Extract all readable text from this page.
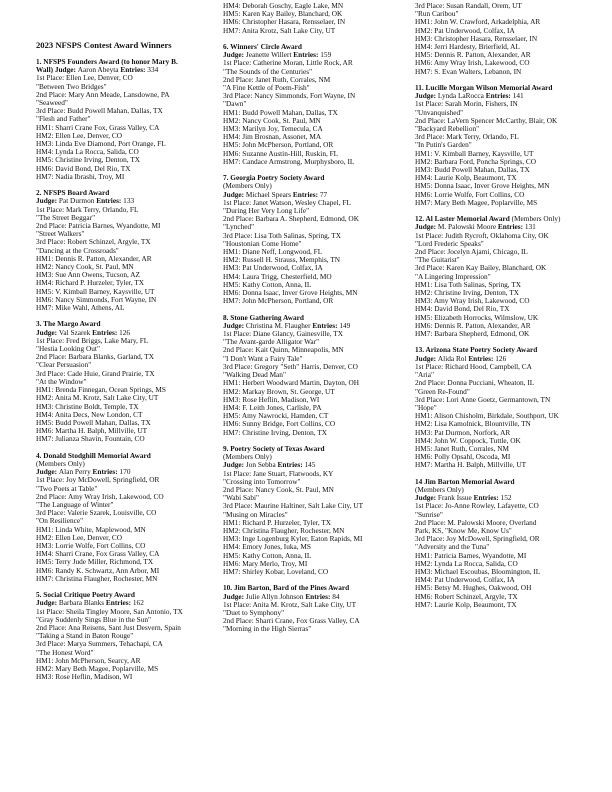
2023 NFSPS Contest Award Winners
1. NFSPS Founders Award (to honor Mary B.
Wall) Judge: Aaron Abeyta Entries: 334
1st Place: Ellen Lee, Denver, CO
"Between Two Bridges"
2nd Place: Mary Ann Meade, Lansdowne, PA
"Seaweed"
3rd Place: Budd Powell Mahan, Dallas, TX
"Flesh and Father"
HM1: Sharri Crane Fox, Grass Valley, CA
HM2: Ellen Lee, Denver, CO
HM3: Linda Eve Diamond, Port Orange, FL
HM4: Lynda La Rocca, Salida, CO
HM5: Christine Irving, Denton, TX
HM6: David Bond, Del Rio, TX
HM7: Nadia Ibrashi, Troy, MI
2. NFSPS Board Award
Judge: Pat Durmon Entries: 133
1st Place: Mark Terry, Orlando, FL
"The Street Beggar"
2nd Place: Patricia Barnes, Wyandotte, MI
"Street Walkers"
3rd Place: Robert Schinzel, Argyle, TX
"Dancing at the Crossroads"
HM1: Dennis R. Patton, Alexander, AR
HM2: Nancy Cook, St. Paul, MN
HM3: Sue Ann Owens, Tucson, AZ
HM4: Richard P. Hurzeler, Tyler, TX
HM5: V. Kimball Barney, Kaysville, UT
HM6: Nancy Simmonds, Fort Wayne, IN
HM7: Mike Wahl, Athens, AL
3. The Margo Award
Judge: Val Szarek Entries: 126
1st Place: Fred Briggs, Lake Mary, FL
"Hestia Looking Out"
2nd Place: Barbara Blanks, Garland, TX
"Clear Persuasion"
3rd Place: Cade Huie, Grand Prairie, TX
"At the Window"
HM1: Brenda Finnegan, Ocean Springs, MS
HM2: Anita M. Krotz, Salt Lake City, UT
HM3: Christine Boldt, Temple, TX
HM4: Anita Decs, New London, CT
HM5: Budd Powell Mahan, Dallas, TX
HM6: Martha H. Balph, Millville, UT
HM7: Julianza Shavin, Fountain, CO
4. Donald Stodghill Memorial Award
(Members Only)
Judge: Alan Perry Entries: 170
1st Place: Joy McDowell, Springfield, OR
"Two Poets at Table"
2nd Place: Amy Wray Irish, Lakewood, CO
"The Language of Winter"
3rd Place: Valerie Szarek, Louisville, CO
"On Resilience"
HM1: Linda White, Maplewood, MN
HM2: Ellen Lee, Denver, CO
HM3: Lorrie Wolfe, Fort Collins, CO
HM4: Sharri Crane, Fox Grass Valley, CA
HM5: Terry Jude Miller, Richmond, TX
HM6: Randy K. Schwartz, Ann Arbor, MI
HM7: Christina Flaugher, Rochester, MN
5. Social Critique Poetry Award
Judge: Barbara Blanks Entries: 162
1st Place: Sheila Tingley Moore, San Antonio, TX
"Gray Suddenly Sings Blue in the Sun"
2nd Place: Ana Reisens, Sant Just Desvern, Spain
"Taking a Stand in Baton Rouge"
3rd Place: Marya Summers, Tehachapi, CA
"The Honest Word"
HM1: John McPherson, Searcy, AR
HM2: Mary Beth Magee, Poplarville, MS
HM3: Rose Heflin, Madison, WI
HM4: Deborah Goschy, Eagle Lake, MN
HM5: Karen Kay Bailey, Blanchard, OK
HM6: Christopher Hasara, Rensselaer, IN
HM7: Anita Krotz, Salt Lake City, UT
6. Winners' Circle Award
Judge: Jeanette Willert Entries: 159
1st Place: Catherine Moran, Little Rock, AR
"The Sounds of the Centuries"
2nd Place: Janet Ruth, Corrales, NM
"A Fine Kettle of Poem-Fish"
3rd Place: Nancy Simmonds, Fort Wayne, IN
"Dawn"
HM1: Budd Powell Mahan, Dallas, TX
HM2: Nancy Cook, St. Paul, MN
HM3: Marilyn Joy, Temecula, CA
HM4: Jim Brosnan, Assonet, MA
HM5: John McPherson, Portland, OR
HM6: Suzanne Austin-Hill, Ruskin, FL
HM7: Candace Armstrong, Murphysboro, IL
7. Georgia Poetry Society Award
(Members Only)
Judge: Michael Spears Entries: 77
1st Place: Janet Watson, Wesley Chapel, FL
"During Her Very Long Life"
2nd Place: Barbara A. Shepherd, Edmond, OK
"Lynched"
3rd Place: Lisa Toth Salinas, Spring, TX
"Houstonian Come Home"
HM1: Diane Neff, Longwood, FL
HM2: Russell H. Strauss, Memphis, TN
HM3: Pat Underwood, Colfax, IA
HM4: Laura Trigg, Chesterfield, MO
HM5: Kathy Cotton, Anna, IL
HM6: Donna Isaac, Inver Grove Heights, MN
HM7: John McPherson, Portland, OR
8. Stone Gathering Award
Judge: Christina M. Flaugher Entries: 149
1st Place: Diane Glancy, Gainesville, TX
"The Avant-garde Alligator War"
2nd Place: Kait Quinn, Minneapolis, MN
"I Don't Want a Fairy Tale"
3rd Place: Gregory "Seth" Harris, Denver, CO
"Walking Dead Man"
HM1: Herbert Woodward Martin, Dayton, OH
HM2: Markay Brown, St. George, UT
HM3: Rose Heflin, Madison, WI
HM4: F. Leith Jones, Carlisle, PA
HM5: Amy Nawrocki, Hamden, CT
HM6: Sunny Bridge, Fort Collins, CO
HM7: Christine Irving, Denton, TX
9. Poetry Society of Texas Award
(Members Only)
Judge: Jon Sebba Entries: 145
1st Place: Jane Stuart, Flatwoods, KY
"Crossing into Tomorrow"
2nd Place: Nancy Cook, St. Paul, MN
"Wabi Sabi"
3rd Place: Maurine Haltiner, Salt Lake City, UT
"Musing on Miracles"
HM1: Richard P. Hurzeler, Tyler, TX
HM2: Christina Flaugher, Rochester, MN
HM3: Inge Logenburg Kyler, Eaton Rapids, MI
HM4: Emory Jones, Iuka, MS
HM5: Kathy Cotton, Anna, IL
HM6: Mary Merlo, Troy, MI
HM7: Shirley Kobar, Loveland, CO
10. Jim Barton, Bard of the Pines Award
Judge: Julie Allyn Johnson Entries: 84
1st Place: Anita M. Krotz, Salt Lake City, UT
"Duet to Symphony"
2nd Place: Sharri Crane, Fox Grass Valley, CA
"Morning in the High Sierras"
3rd Place: Susan Randall, Orem, UT
"Run Caribou"
HM1: John W. Crawford, Arkadelphia, AR
HM2: Pat Underwood, Colfax, IA
HM3: Christopher Hasara, Rensselaer, IN
HM4: Jerri Hardesty, Brierfield, AL
HM5: Dennis R. Patton, Alexander, AR
HM6: Amy Wray Irish, Lakewood, CO
HM7: S. Evan Walters, Lebanon, IN
11. Lucille Morgan Wilson Memorial Award
Judge: Lynda LaRocca Entries: 141
1st Place: Sarah Morin, Fishers, IN
"Unvanquished"
2nd Place: LaVern Spencer McCarthy, Blair, OK
"Backyard Rebellion"
3rd Place: Mark Terry, Orlando, FL
"In Putin's Garden"
HM1: V. Kimball Barney, Kaysville, UT
HM2: Barbara Ford, Poncha Springs, CO
HM3: Budd Powell Mahan, Dallas, TX
HM4: Laurie Kolp, Beaumont, TX
HM5: Donna Isaac, Inver Grove Heights, MN
HM6: Lorrie Wolfe, Fort Collins, CO
HM7: Mary Beth Magee, Poplarville, MS
12. Al Laster Memorial Award (Members Only)
Judge: M. Palowski Moore Entries: 131
1st Place: Judith Rycroft, Oklahoma City, OK
"Lord Frederic Speaks"
2nd Place: Jocelyn Ajami, Chicago, IL
"The Guitarist"
3rd Place: Karen Kay Bailey, Blanchard, OK
"A Lingering Impression"
HM1: Lisa Toth Salinas, Spring, TX
HM2: Christine Irving, Denton, TX
HM3: Amy Wray Irish, Lakewood, CO
HM4: David Bond, Del Rio, TX
HM5: Elizabeth Horrocks, Wilmslow, UK
HM6: Dennis R. Patton, Alexander, AR
HM7: Barbara Shepherd, Edmond, OK
13. Arizona State Poetry Society Award
Judge: Alida Rol Entries: 126
1st Place: Richard Hood, Campbell, CA
"Aria"
2nd Place: Donna Pucciani, Wheaton, IL
"Green Re-Found"
3rd Place: Lori Anne Goetz, Germantown, TN
"Hope"
HM1: Alison Chisholm, Birkdale, Southport, UK
HM2: Lisa Kamolnick, Blountville, TN
HM3: Pat Durmon, Norfork, AR
HM4: John W. Coppock, Tuttle, OK
HM5: Janet Ruth, Corrales, NM
HM6: Polly Opsahl, Oscoda, MI
HM7: Martha H. Balph, Millville, UT
14 Jim Barton Memorial Award
(Members Only)
Judge: Frank Issue Entries: 152
1st Place: Jo-Anne Rowley, Lafayette, CO
"Sunrise"
2nd Place: M. Palowski Moore, Overland
Park, KS, "Know Me, Know Us"
3rd Place: Joy McDowell, Springfield, OR
"Adversity and the Tuna"
HM1: Patricia Barnes, Wyandotte, MI
HM2: Lynda La Rocca, Salida, CO
HM3: Michael Escoubas, Bloomington, IL
HM4: Pat Underwood, Colfax, IA
HM5: Betsy M. Hughes, Oakwood, OH
HM6: Robert Schinzel, Argyle, TX
HM7: Laurie Kolp, Beaumont, TX
